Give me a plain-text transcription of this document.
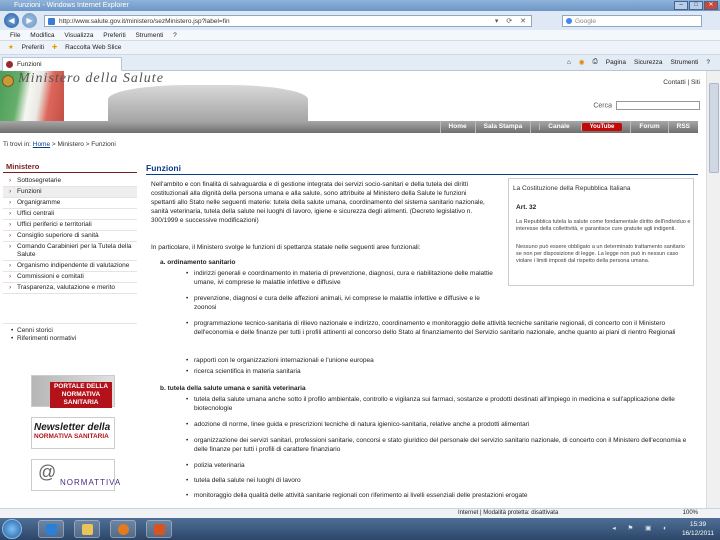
Funzioni - Windows Internet Explorer	–	□	✕
◀	▶	http://www.salute.gov.it/ministero/sezMinistero.jsp?label=fin	▾ ⟳ ✕	Google
File Modifica Visualizza Preferiti Strumenti ?
★ Preferiti ✚ Raccolta Web Slice
Funzioni	⌂ ◉ ⎙ Pagina Sicurezza Strumenti ?
Ministero della Salute	Contatti | Siti
Cerca
Home	Sala Stampa	Canale	YouTube	Forum	RSS
Ti trovi in: Home > Ministero > Funzioni
Ministero
› Sottosegretarie
› Funzioni
› Organigramme
› Uffici centrali
› Uffici periferici e territoriali
› Consiglio superiore di sanità
› Comando Carabinieri per la Tutela della Salute
› Organismo indipendente di valutazione
› Commissioni e comitati
› Trasparenza, valutazione e merito
• Cenni storici
• Riferimenti normativi
PORTALE DELLA NORMATIVA SANITARIA
Newsletter della
NORMATIVA SANITARIA
@
NORMATTIVA
Funzioni
Nell'ambito e con finalità di salvaguardia e di gestione integrata dei servizi socio-sanitari e della tutela dei diritti costituzionali alla dignità della persona umana e alla salute, sono attribuite al Ministero della Salute le funzioni spettanti allo Stato nelle seguenti materie: tutela della salute umana, coordinamento del sistema sanitario nazionale, sanità veterinaria, tutela della salute nei luoghi di lavoro, igiene e sicurezza degli alimenti. (Decreto legislativo n. 300/1999 e successive modificazioni)
In particolare, il Ministero svolge le funzioni di spettanza statale nelle seguenti aree funzionali:
La Costituzione della Repubblica Italiana
Art. 32
La Repubblica tutela la salute come fondamentale diritto dell'individuo e interesse della collettività, e garantisce cure gratuite agli indigenti.
Nessuno può essere obbligato a un determinato trattamento sanitario se non per disposizione di legge. La legge non può in nessun caso violare i limiti imposti dal rispetto della persona umana.
a. ordinamento sanitario
• indirizzi generali e coordinamento in materia di prevenzione, diagnosi, cura e riabilitazione delle malattie umane, ivi comprese le malattie infettive e diffusive
• prevenzione, diagnosi e cura delle affezioni animali, ivi comprese le malattie infettive e diffusive e le zoonosi
• programmazione tecnico-sanitaria di rilievo nazionale e indirizzo, coordinamento e monitoraggio delle attività tecniche sanitarie regionali, di concerto con il Ministero dell'economia e delle finanze per tutti i profili attinenti al concorso dello Stato al finanziamento del Servizio sanitario nazionale, anche quanto ai piani di rientro Regionali
• rapporti con le organizzazioni internazionali e l'unione europea
• ricerca scientifica in materia sanitaria
b. tutela della salute umana e sanità veterinaria
• tutela della salute umana anche sotto il profilo ambientale, controllo e vigilanza sui farmaci, sostanze e prodotti destinati all'impiego in medicina e sull'applicazione delle biotecnologie
• adozione di norme, linee guida e prescrizioni tecniche di natura igienico-sanitaria, relative anche a prodotti alimentari
• organizzazione dei servizi sanitari, professioni sanitarie, concorsi e stato giuridico del personale del servizio sanitario nazionale, di concerto con il Ministero dell'economia e delle finanze per tutti i profili di carattere finanziario
• polizia veterinaria
• tutela della salute nei luoghi di lavoro
• monitoraggio della qualità delle attività sanitarie regionali con riferimento ai livelli essenziali delle prestazioni erogate
Internet | Modalità protetta: disattivata	100%
◂ ⚑ ▣ ◐
15:39
16/12/2011
